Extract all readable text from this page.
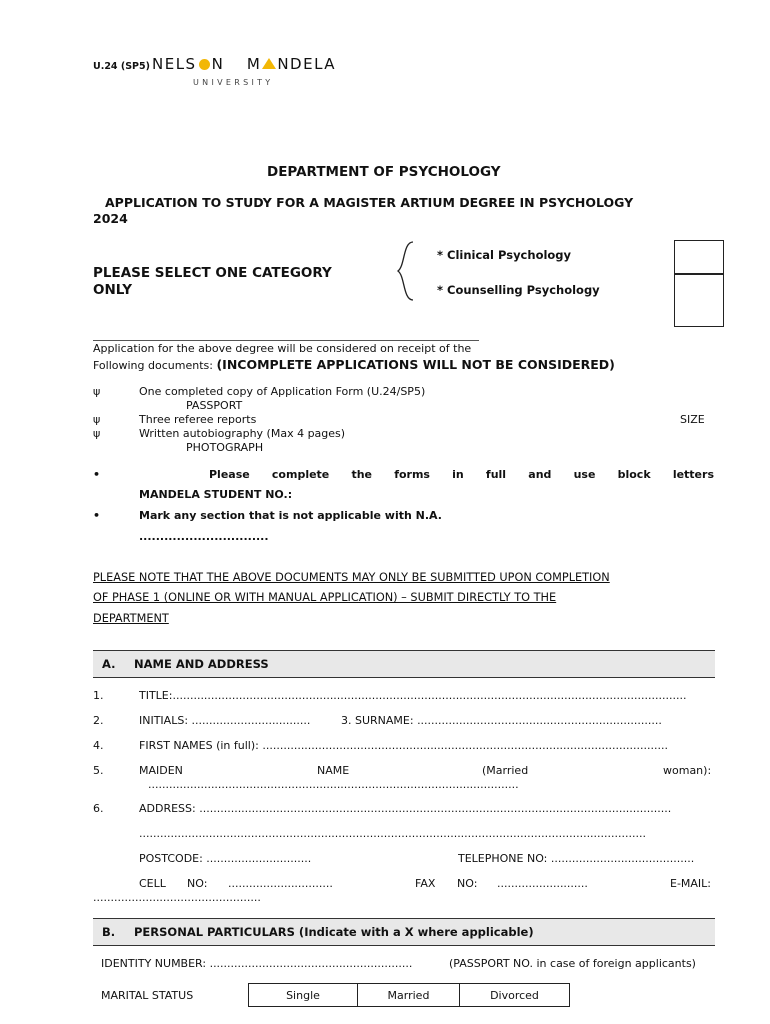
U.24 (SP5) NELS N M NDELA
UNIVERSITY
DEPARTMENT OF PSYCHOLOGY
APPLICATION TO STUDY FOR A MAGISTER ARTIUM DEGREE IN PSYCHOLOGY
2024
PLEASE SELECT ONE CATEGORY
ONLY
* Clinical Psychology
* Counselling Psychology
Application for the above degree will be considered on receipt of the
Following documents: (INCOMPLETE APPLICATIONS WILL NOT BE CONSIDERED)
ψ	One completed copy of Application Form (U.24/SP5)
PASSPORT
ψ	Three referee reports	SIZE
ψ	Written autobiography (Max 4 pages)
PHOTOGRAPH
•	Please complete the forms in full and use block letters
MANDELA STUDENT NO.:
•	Mark any section that is not applicable with N.A.
...............................
PLEASE NOTE THAT THE ABOVE DOCUMENTS MAY ONLY BE SUBMITTED UPON COMPLETION
OF PHASE 1 (ONLINE OR WITH MANUAL APPLICATION) – SUBMIT DIRECTLY TO THE
DEPARTMENT
A. NAME AND ADDRESS
1.	TITLE:...................................................................................................................................................
2.	INITIALS: ..................................	3. SURNAME: ......................................................................
4.	FIRST NAMES (in full): ....................................................................................................................
5.	MAIDEN	NAME	(Married	woman):
..........................................................................................................
6.	ADDRESS: .......................................................................................................................................
.................................................................................................................................................
POSTCODE: ..............................	TELEPHONE NO: .........................................
CELL NO: ..............................	FAX NO: ..........................	E-MAIL:
................................................
B. PERSONAL PARTICULARS (Indicate with a X where applicable)
IDENTITY NUMBER: ..........................................................	(PASSPORT NO. in case of foreign applicants)
MARITAL STATUS	Single	Married	Divorced
